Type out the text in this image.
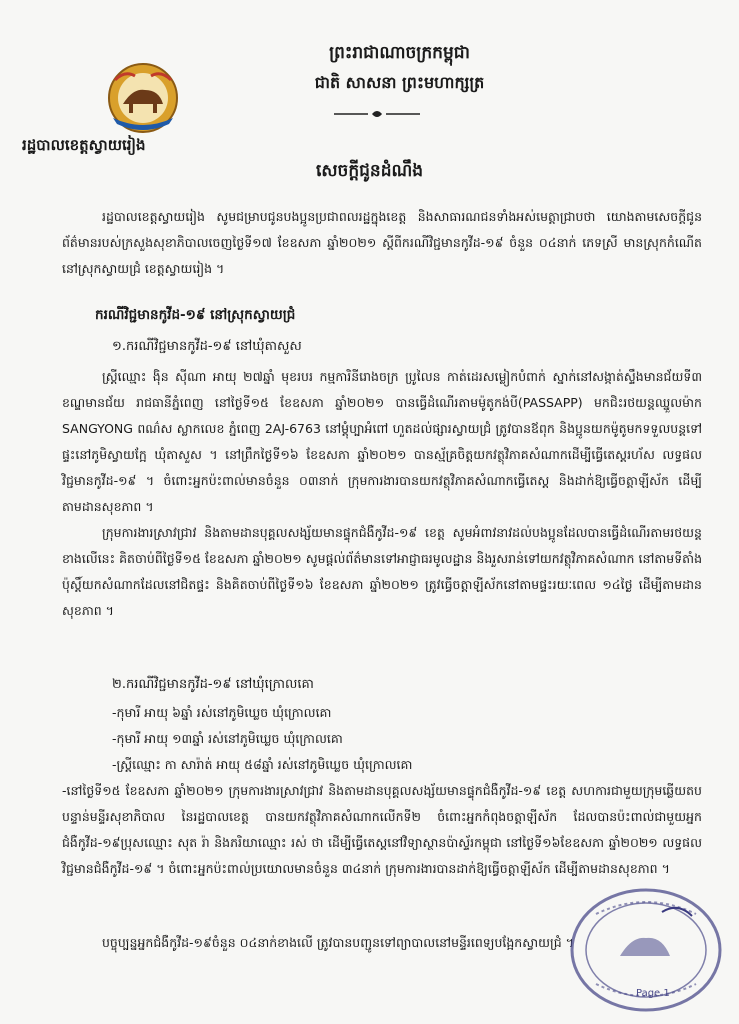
រដ្ឋបាលខេត្តស្វាយរៀង
ព្រះរាជាណាចក្រកម្ពុជា
ជាតិ សាសនា ព្រះមហាក្សត្រ
សេចក្តីជូនដំណឹង
រដ្ឋបាលខេត្តស្វាយរៀង សូមជម្រាបជូនបងប្អូនប្រជាពលរដ្ឋក្នុងខេត្ត និងសាធារណជនទាំងអស់មេត្តាជ្រាបថា យោងតាមសេចក្តីជូនព័ត៌មានរបស់ក្រសួងសុខាភិបាលចេញថ្ងៃទី១៧ ខែឧសភា ឆ្នាំ២០២១ ស្តីពីករណីវិជ្ជមានកូវីដ-១៩ ចំនួន ០៤នាក់ ភេទស្រី មានស្រុកកំណើតនៅស្រុកស្វាយជ្រំ ខេត្តស្វាយរៀង ។
ករណីវិជ្ជមានកូវីដ-១៩ នៅស្រុកស្វាយជ្រំ
១.ករណីវិជ្ជមានកូវីដ-១៩ នៅឃុំតាសួស
ស្ត្រីឈ្មោះ ង៉ិន ស៊ីណា អាយុ ២៧ឆ្នាំ មុខរបរ កម្មការិនីរោងចក្រ ប្រូលៃន កាត់ដេរសម្លៀកបំពាក់ ស្នាក់នៅសង្កាត់ស្ទឹងមានជ័យទី៣ ខណ្ឌមានជ័យ រាជធានីភ្នំពេញ នៅថ្ងៃទី១៥ ខែឧសភា ឆ្នាំ២០២១ បានធ្វើដំណើរតាមម៉ូតូកង់បី(PASSAPP) មកជិះរថយន្តឈ្នួលម៉ាក SANGYONG ពណ៌ស ស្លាកលេខ ភ្នំពេញ 2AJ-6763 នៅម្តុំប្បាអំពៅ ហួតដល់ផ្សារស្វាយជ្រំ ត្រូវបានឪពុក និងប្អូនយកម៉ូតូមកទទួលបន្តទៅផ្ទះនៅភូមិស្វាយក្អែ ឃុំតាសួស ។ នៅព្រឹកថ្ងៃទី១៦ ខែឧសភា ឆ្នាំ២០២១ បានស្ម័គ្រចិត្តយកវត្ថុវិភាគសំណាកដើម្បីធ្វើតេស្តរហ័ស លទ្ធផលវិជ្ជមានកូវីដ-១៩ ។ ចំពោះអ្នកប៉ះពាល់មានចំនួន ០៣នាក់ ក្រុមការងារបានយកវត្ថុវិភាគសំណាកធ្វើតេស្ត និងដាក់ឱ្យធ្វើចត្តាឡីស័ក ដើម្បីតាមដានសុខភាព ។
ក្រុមការងារស្រាវជ្រាវ និងតាមដានបុគ្គលសង្ស័យមានផ្ទុកជំងឺកូវីដ-១៩ ខេត្ត សូមអំពាវនាវដល់បងប្អូនដែលបានធ្វើដំណើរតាមរថយន្តខាងលើនេះ គិតចាប់ពីថ្ងៃទី១៥ ខែឧសភា ឆ្នាំ២០២១ សូមផ្តល់ព័ត៌មានទៅអាជ្ញាធរមូលដ្ឋាន និងរួសរាន់ទៅយកវត្ថុវិភាគសំណាក នៅតាមទីតាំងប៉ុស្តិ៍យកសំណាកដែលនៅជិតផ្ទះ និងគិតចាប់ពីថ្ងៃទី១៦ ខែឧសភា ឆ្នាំ២០២១ ត្រូវធ្វើចត្តាឡីស័កនៅតាមផ្ទះរយៈពេល ១៤ថ្ងៃ ដើម្បីតាមដានសុខភាព ។
២.ករណីវិជ្ជមានកូវីដ-១៩ នៅឃុំក្រោលគោ
-កុមារី អាយុ ៦ឆ្នាំ រស់នៅភូមិឃ្លេច ឃុំក្រោលគោ
-កុមារី អាយុ ១៣ឆ្នាំ រស់នៅភូមិឃ្លេច ឃុំក្រោលគោ
-ស្ត្រីឈ្មោះ កា សារ៉ាត់ អាយុ ៥៨ឆ្នាំ រស់នៅភូមិឃ្លេច ឃុំក្រោលគោ
-នៅថ្ងៃទី១៥ ខែឧសភា ឆ្នាំ២០២១ ក្រុមការងារស្រាវជ្រាវ និងតាមដានបុគ្គលសង្ស័យមានផ្ទុកជំងឺកូវីដ-១៩ ខេត្ត សហការជាមួយក្រុមឆ្លើយតបបន្ទាន់មន្ទីរសុខាភិបាល នៃរដ្ឋបាលខេត្ត បានយកវត្ថុវិភាគសំណាកលើកទី២ ចំពោះអ្នកកំពុងចត្តាឡីស័ក ដែលបានប៉ះពាល់ជាមួយអ្នកជំងឺកូវីដ-១៩ប្រុសឈ្មោះ សុត រ៉ា និងភរិយាឈ្មោះ រស់ ថា ដើម្បីធ្វើតេស្តនៅវិទ្យាស្ថានប៉ាស្ទ័រកម្ពុជា នៅថ្ងៃទី១៦ខែឧសភា ឆ្នាំ២០២១ លទ្ធផលវិជ្ជមានជំងឺកូវីដ-១៩ ។ ចំពោះអ្នកប៉ះពាល់ប្រយោលមានចំនួន ៣៤នាក់ ក្រុមការងារបានដាក់ឱ្យធ្វើចត្តាឡីស័ក ដើម្បីតាមដានសុខភាព ។
បច្ចុប្បន្នអ្នកជំងឺកូវីដ-១៩ចំនួន ០៤នាក់ខាងលើ ត្រូវបានបញ្ជូនទៅព្យាបាលនៅមន្ទីរពេទ្យបង្អែកស្វាយជ្រំ ។
Page 1
